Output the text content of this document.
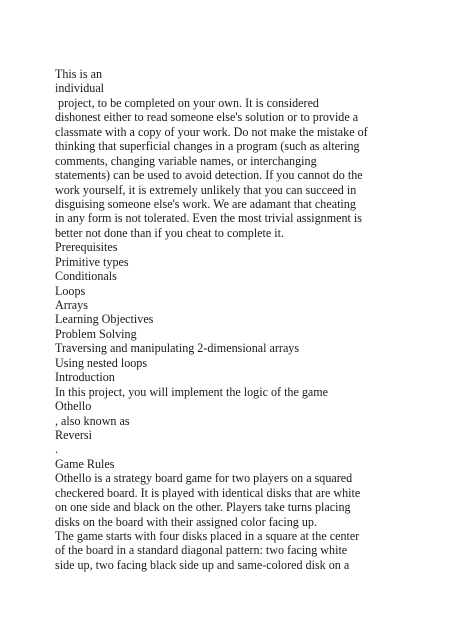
This is an
individual
project, to be completed on your own. It is considered
dishonest either to read someone else's solution or to provide a
classmate with a copy of your work. Do not make the mistake of
thinking that superficial changes in a program (such as altering
comments, changing variable names, or interchanging
statements) can be used to avoid detection. If you cannot do the
work yourself, it is extremely unlikely that you can succeed in
disguising someone else's work. We are adamant that cheating
in any form is not tolerated. Even the most trivial assignment is
better not done than if you cheat to complete it.
Prerequisites
Primitive types
Conditionals
Loops
Arrays
Learning Objectives
Problem Solving
Traversing and manipulating 2-dimensional arrays
Using nested loops
Introduction
In this project, you will implement the logic of the game
Othello
, also known as
Reversi
.
Game Rules
Othello is a strategy board game for two players on a squared
checkered board. It is played with identical disks that are white
on one side and black on the other. Players take turns placing
disks on the board with their assigned color facing up.
The game starts with four disks placed in a square at the center
of the board in a standard diagonal pattern: two facing white
side up, two facing black side up and same-colored disk on a
